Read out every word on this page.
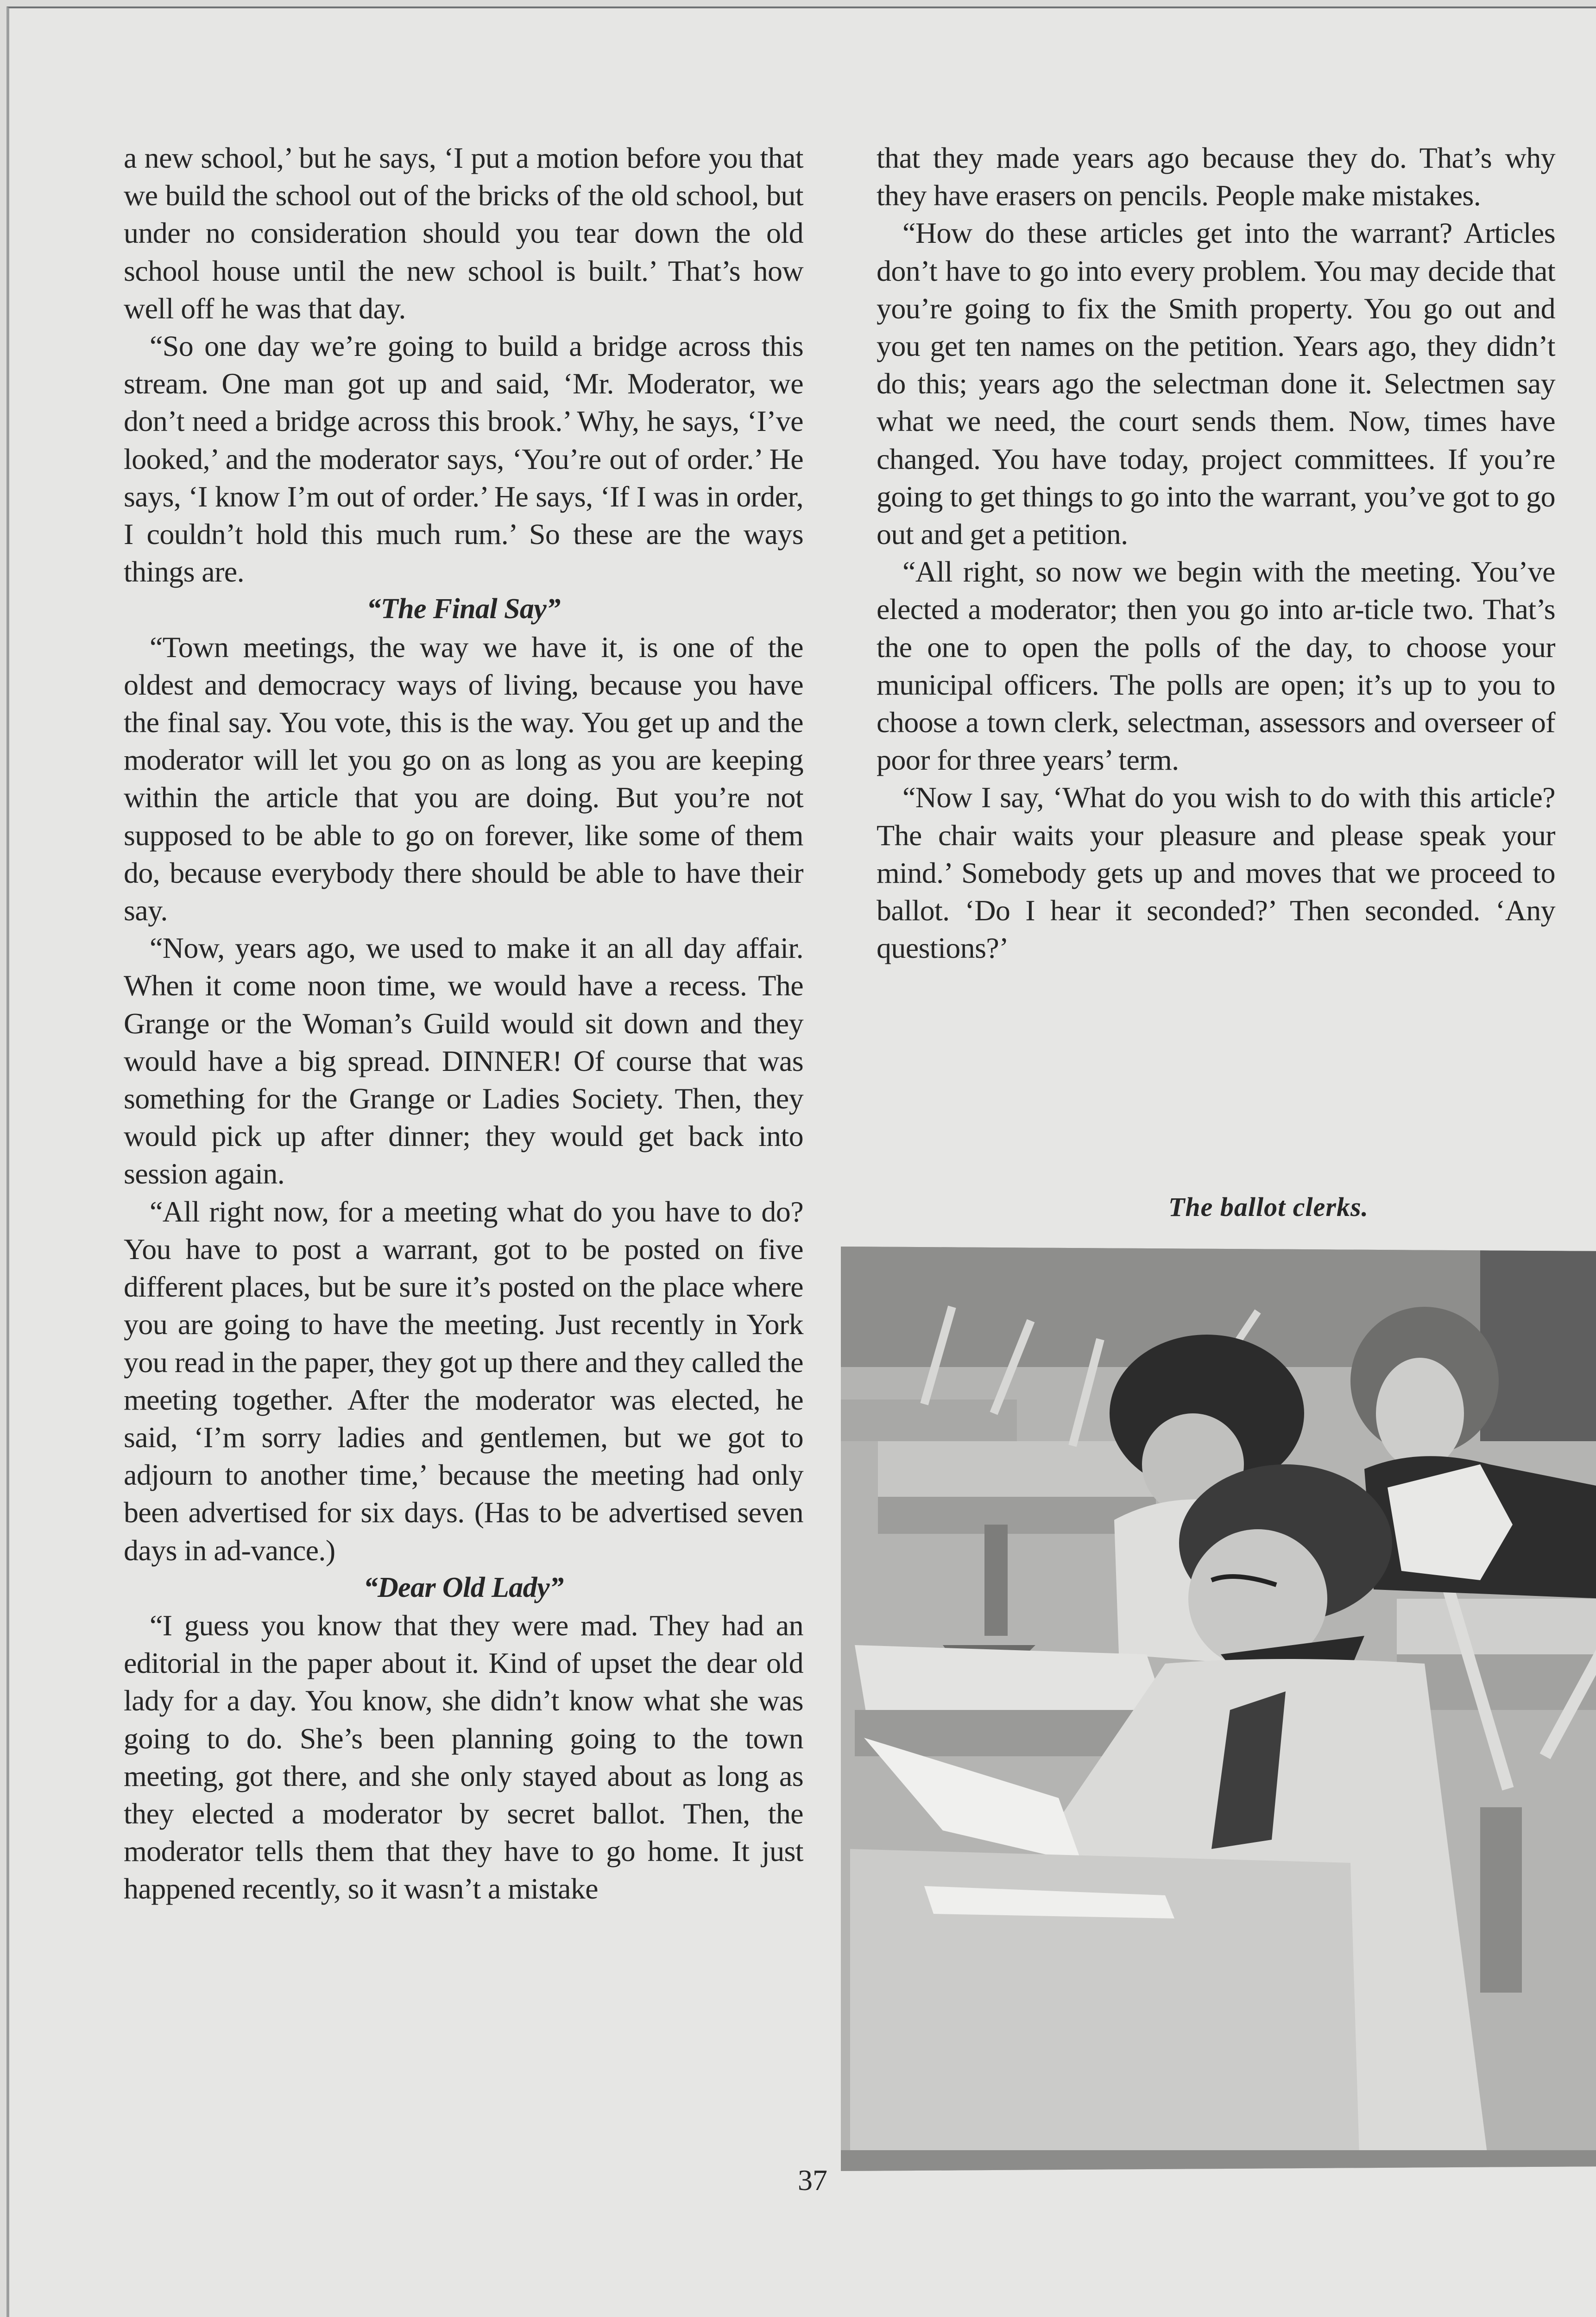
a new school,’ but he says, ‘I put a motion before you that we build the school out of the bricks of the old school, but under no consideration should you tear down the old school house until the new school is built.’ That’s how well off he was that day.

“So one day we’re going to build a bridge across this stream. One man got up and said, ‘Mr. Moderator, we don’t need a bridge across this brook.’ Why, he says, ‘I’ve looked,’ and the moderator says, ‘You’re out of order.’ He says, ‘I know I’m out of order.’ He says, ‘If I was in order, I couldn’t hold this much rum.’ So these are the ways things are.

“The Final Say”

“Town meetings, the way we have it, is one of the oldest and democracy ways of living, because you have the final say. You vote, this is the way. You get up and the moderator will let you go on as long as you are keeping within the article that you are doing. But you’re not supposed to be able to go on forever, like some of them do, because everybody there should be able to have their say.

“Now, years ago, we used to make it an all day affair. When it come noon time, we would have a recess. The Grange or the Woman’s Guild would sit down and they would have a big spread. DINNER! Of course that was something for the Grange or Ladies Society. Then, they would pick up after dinner; they would get back into session again.

“All right now, for a meeting what do you have to do? You have to post a warrant, got to be posted on five different places, but be sure it’s posted on the place where you are going to have the meeting. Just recently in York you read in the paper, they got up there and they called the meeting together. After the moderator was elected, he said, ‘I’m sorry ladies and gentlemen, but we got to adjourn to another time,’ because the meeting had only been advertised for six days. (Has to be advertised seven days in ad-vance.)

“Dear Old Lady”

“I guess you know that they were mad. They had an editorial in the paper about it. Kind of upset the dear old lady for a day. You know, she didn’t know what she was going to do. She’s been planning going to the town meeting, got there, and she only stayed about as long as they elected a moderator by secret ballot. Then, the moderator tells them that they have to go home. It just happened recently, so it wasn’t a mistake

that they made years ago because they do. That’s why they have erasers on pencils. People make mistakes.

“How do these articles get into the warrant? Articles don’t have to go into every problem. You may decide that you’re going to fix the Smith property. You go out and you get ten names on the petition. Years ago, they didn’t do this; years ago the selectman done it. Selectmen say what we need, the court sends them. Now, times have changed. You have today, project committees. If you’re going to get things to go into the warrant, you’ve got to go out and get a petition.

“All right, so now we begin with the meeting. You’ve elected a moderator; then you go into ar-ticle two. That’s the one to open the polls of the day, to choose your municipal officers. The polls are open; it’s up to you to choose a town clerk, selectman, assessors and overseer of poor for three years’ term.

“Now I say, ‘What do you wish to do with this article? The chair waits your pleasure and please speak your mind.’ Somebody gets up and moves that we proceed to ballot. ‘Do I hear it seconded?’ Then seconded. ‘Any questions?’

The ballot clerks.
37
